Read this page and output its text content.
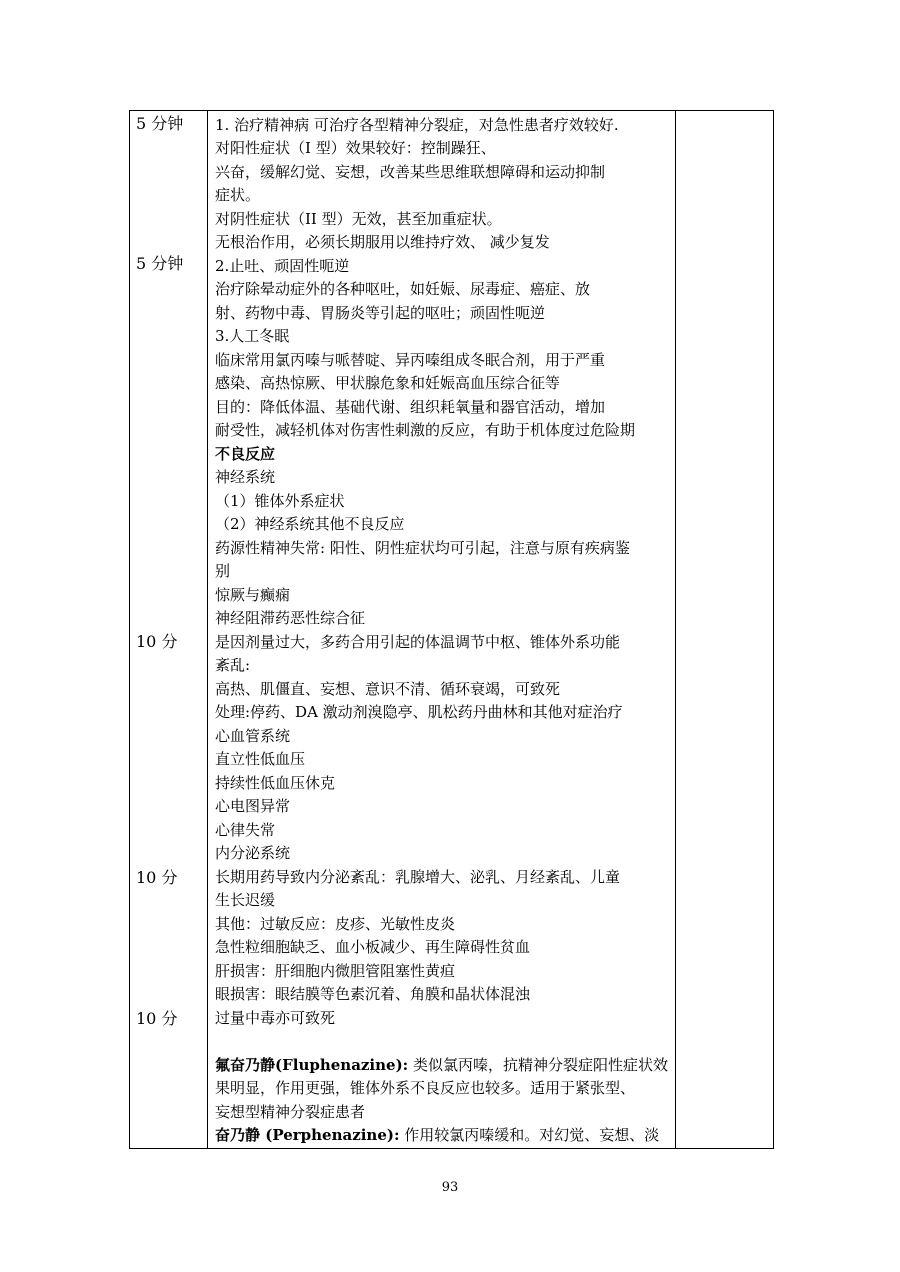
5 分钟
5 分钟
10 分
10 分
10 分
1. 治疗精神病 可治疗各型精神分裂症，对急性患者疗效较好.
对阳性症状（I 型）效果较好：控制躁狂、
兴奋，缓解幻觉、妄想，改善某些思维联想障碍和运动抑制
症状。
对阴性症状（II 型）无效，甚至加重症状。
无根治作用，必须长期服用以维持疗效、 减少复发
2.止吐、顽固性呃逆
治疗除晕动症外的各种呕吐，如妊娠、尿毒症、癌症、放
射、药物中毒、胃肠炎等引起的呕吐；顽固性呃逆
3.人工冬眠
临床常用氯丙嗪与哌替啶、异丙嗪组成冬眠合剂，用于严重
感染、高热惊厥、甲状腺危象和妊娠高血压综合征等
目的：降低体温、基础代谢、组织耗氧量和器官活动，增加
耐受性，减轻机体对伤害性刺激的反应，有助于机体度过危险期
不良反应
神经系统
（1）锥体外系症状
（2）神经系统其他不良反应
药源性精神失常: 阳性、阴性症状均可引起，注意与原有疾病鉴
别
惊厥与癫痫
神经阻滞药恶性综合征
是因剂量过大，多药合用引起的体温调节中枢、锥体外系功能
紊乱:
高热、肌僵直、妄想、意识不清、循环衰竭，可致死
处理:停药、DA 激动剂溴隐亭、肌松药丹曲林和其他对症治疗
心血管系统
直立性低血压
持续性低血压休克
心电图异常
心律失常
内分泌系统
长期用药导致内分泌紊乱：乳腺增大、泌乳、月经紊乱、儿童
生长迟缓
其他：过敏反应：皮疹、光敏性皮炎
急性粒细胞缺乏、血小板减少、再生障碍性贫血
肝损害：肝细胞内微胆管阻塞性黄疸
眼损害：眼结膜等色素沉着、角膜和晶状体混浊
过量中毒亦可致死
氟奋乃静(Fluphenazine): 类似氯丙嗪，抗精神分裂症阳性症状效
果明显，作用更强，锥体外系不良反应也较多。适用于紧张型、
妄想型精神分裂症患者
奋乃静 (Perphenazine): 作用较氯丙嗪缓和。对幻觉、妄想、淡
93
